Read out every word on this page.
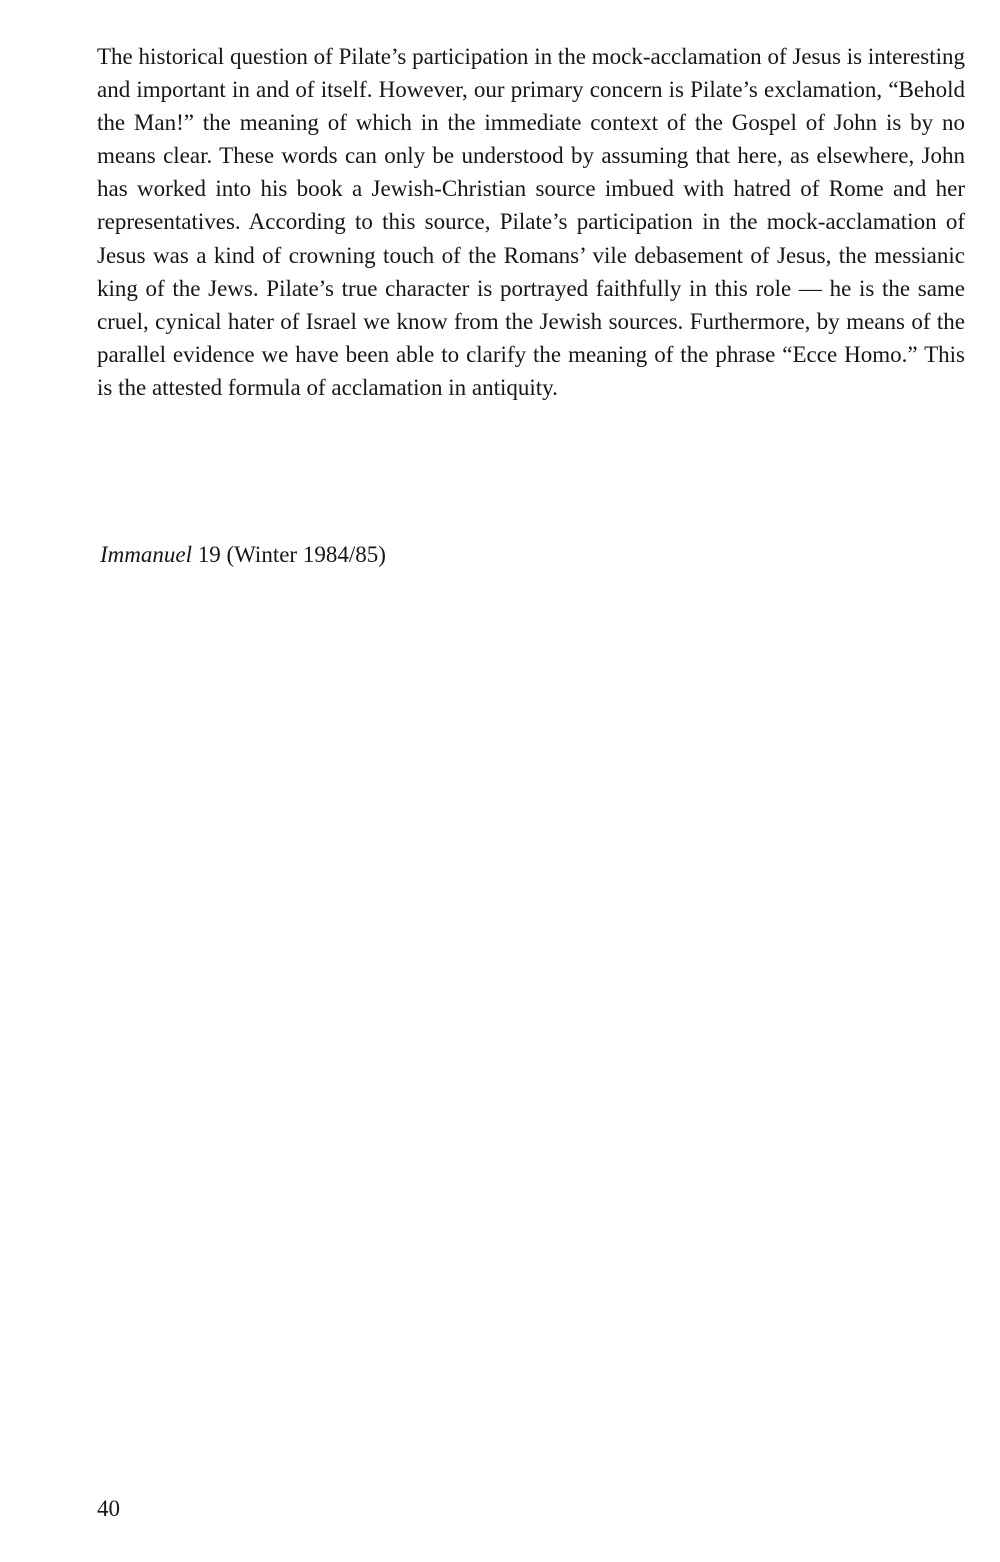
The historical question of Pilate’s participation in the mock-acclamation of Jesus is interesting and important in and of itself. However, our primary concern is Pilate’s exclamation, “Behold the Man!” the meaning of which in the immediate context of the Gospel of John is by no means clear. These words can only be understood by assuming that here, as elsewhere, John has worked into his book a Jewish-Christian source imbued with hatred of Rome and her representatives. According to this source, Pilate’s participation in the mock-acclamation of Jesus was a kind of crowning touch of the Romans’ vile debasement of Jesus, the messianic king of the Jews. Pilate’s true character is portrayed faithfully in this role — he is the same cruel, cynical hater of Israel we know from the Jewish sources. Furthermore, by means of the parallel evidence we have been able to clarify the meaning of the phrase “Ecce Homo.” This is the attested formula of acclamation in antiquity.

Immanuel 19 (Winter 1984/85)

40
